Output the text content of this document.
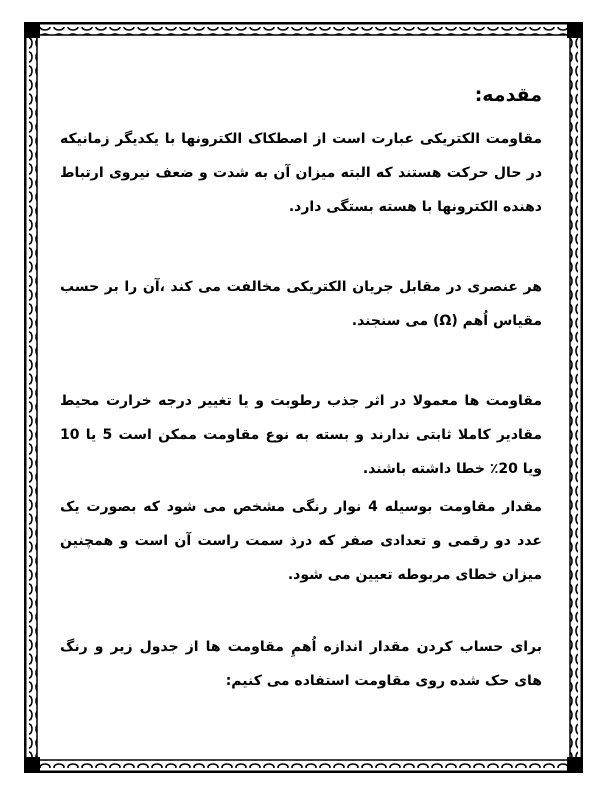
مقدمه:

مقاومت الکتریکی عبارت است از اصطکاک الکترونها با یکدیگر زمانیکه در حال حرکت هستند که البته میزان آن به شدت و ضعف نیروی ارتباط دهنده الکترونها با هسته بستگی دارد.

هر عنصری در مقابل جریان الکتریکی مخالفت می کند ،آن را بر حسب مقیاس اُهم (Ω) می سنجند.

مقاومت ها معمولا در اثر جذب رطوبت و یا تغییر درجه خرارت محیط مقادیر کاملا ثابتی ندارند و بسته به نوع مقاومت ممکن است 5 یا 10 ویا 20٪ خطا داشته باشند.

مقدار مقاومت بوسیله 4 نوار رنگی مشخص می شود که بصورت یک عدد دو رقمی و تعدادی صفر که درذ سمت راست آن است و همچنین میزان خطای مربوطه تعیین می شود.

برای حساب کردن مقدار اندازه اُهمِ مقاومت ها از جدول زیر و رنگ های حک شده روی مقاومت استفاده می کنیم:
